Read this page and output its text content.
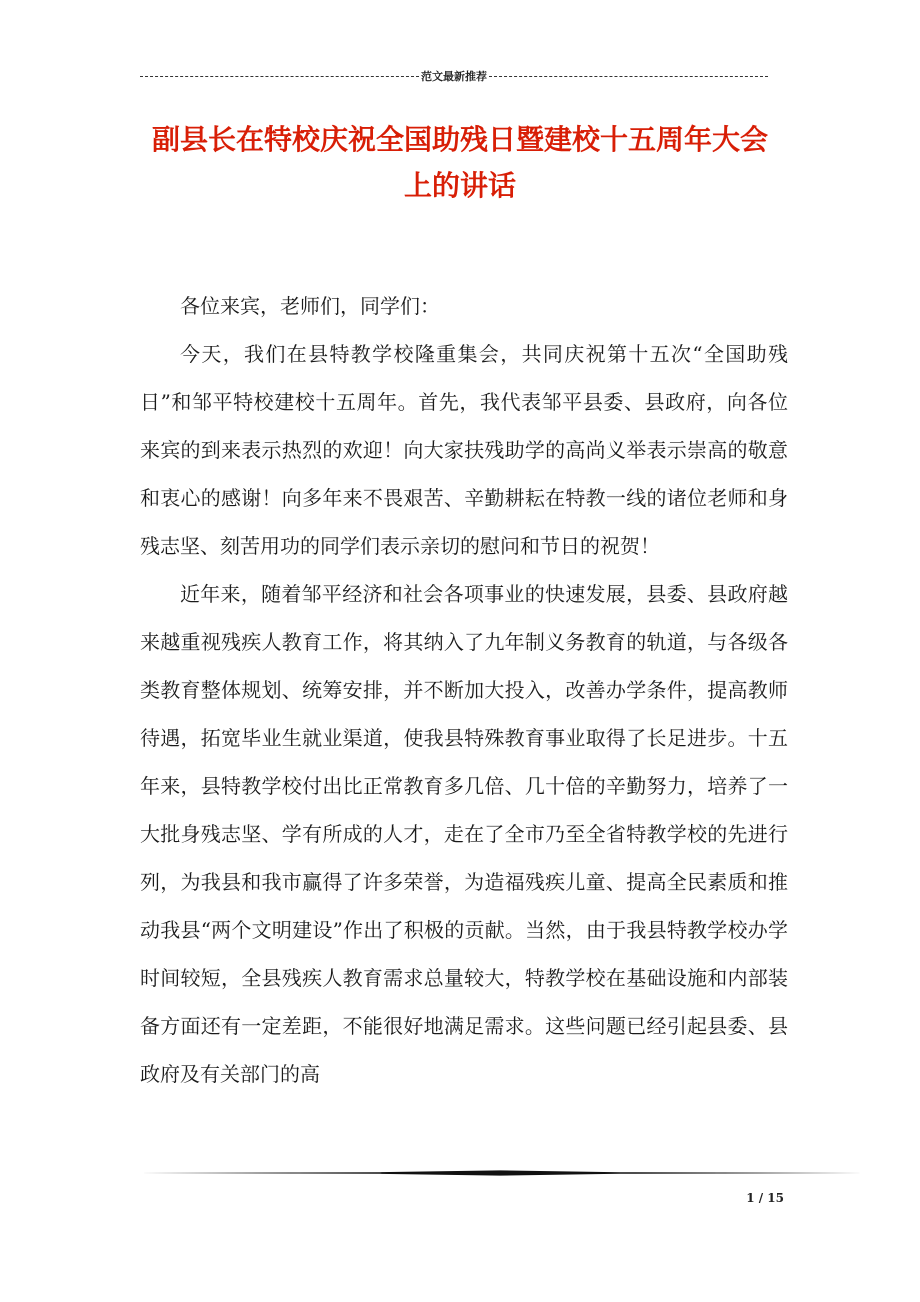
范文最新推荐
副县长在特校庆祝全国助残日暨建校十五周年大会
上的讲话

各位来宾，老师们，同学们：

今天，我们在县特教学校隆重集会，共同庆祝第十五次“全国助残日”和邹平特校建校十五周年。首先，我代表邹平县委、县政府，向各位来宾的到来表示热烈的欢迎！向大家扶残助学的高尚义举表示崇高的敬意和衷心的感谢！向多年来不畏艰苦、辛勤耕耘在特教一线的诸位老师和身残志坚、刻苦用功的同学们表示亲切的慰问和节日的祝贺！

近年来，随着邹平经济和社会各项事业的快速发展，县委、县政府越来越重视残疾人教育工作，将其纳入了九年制义务教育的轨道，与各级各类教育整体规划、统筹安排，并不断加大投入，改善办学条件，提高教师待遇，拓宽毕业生就业渠道，使我县特殊教育事业取得了长足进步。十五年来，县特教学校付出比正常教育多几倍、几十倍的辛勤努力，培养了一大批身残志坚、学有所成的人才，走在了全市乃至全省特教学校的先进行列，为我县和我市赢得了许多荣誉，为造福残疾儿童、提高全民素质和推动我县“两个文明建设”作出了积极的贡献。当然，由于我县特教学校办学时间较短，全县残疾人教育需求总量较大，特教学校在基础设施和内部装备方面还有一定差距，不能很好地满足需求。这些问题已经引起县委、县政府及有关部门的高

1 / 15
